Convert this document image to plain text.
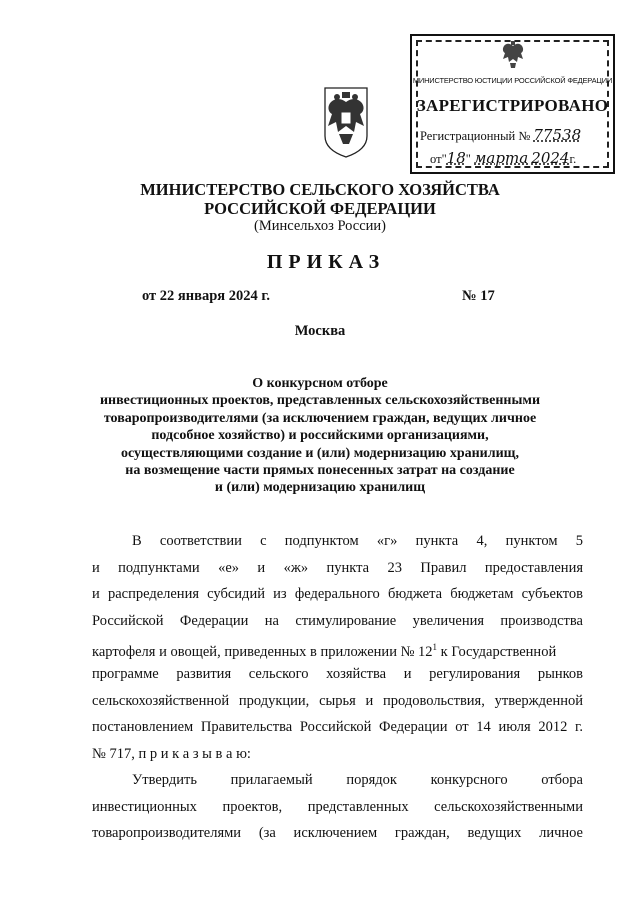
МИНИСТЕРСТВО ЮСТИЦИИ РОССИЙСКОЙ ФЕДЕРАЦИИ
ЗАРЕГИСТРИРОВАНО
Регистрационный № 77538
от"18" марта 2024г.
МИНИСТЕРСТВО СЕЛЬСКОГО ХОЗЯЙСТВА
РОССИЙСКОЙ ФЕДЕРАЦИИ
(Минсельхоз России)
ПРИКАЗ
от 22 января 2024 г.	№ 17
Москва
О конкурсном отборе
инвестиционных проектов, представленных сельскохозяйственными
товаропроизводителями (за исключением граждан, ведущих личное
подсобное хозяйство) и российскими организациями,
осуществляющими создание и (или) модернизацию хранилищ,
на возмещение части прямых понесенных затрат на создание
и (или) модернизацию хранилищ
В соответствии с подпунктом «г» пункта 4, пунктом 5
и подпунктами «е» и «ж» пункта 23 Правил предоставления
и распределения субсидий из федерального бюджета бюджетам субъектов
Российской Федерации на стимулирование увеличения производства
картофеля и овощей, приведенных в приложении № $12^1$ к Государственной
программе развития сельского хозяйства и регулирования рынков
сельскохозяйственной продукции, сырья и продовольствия, утвержденной
постановлением Правительства Российской Федерации от 14 июля 2012 г.
№ 717, п р и к а з ы в а ю:
Утвердить прилагаемый порядок конкурсного отбора
инвестиционных проектов, представленных сельскохозяйственными
товаропроизводителями (за исключением граждан, ведущих личное
